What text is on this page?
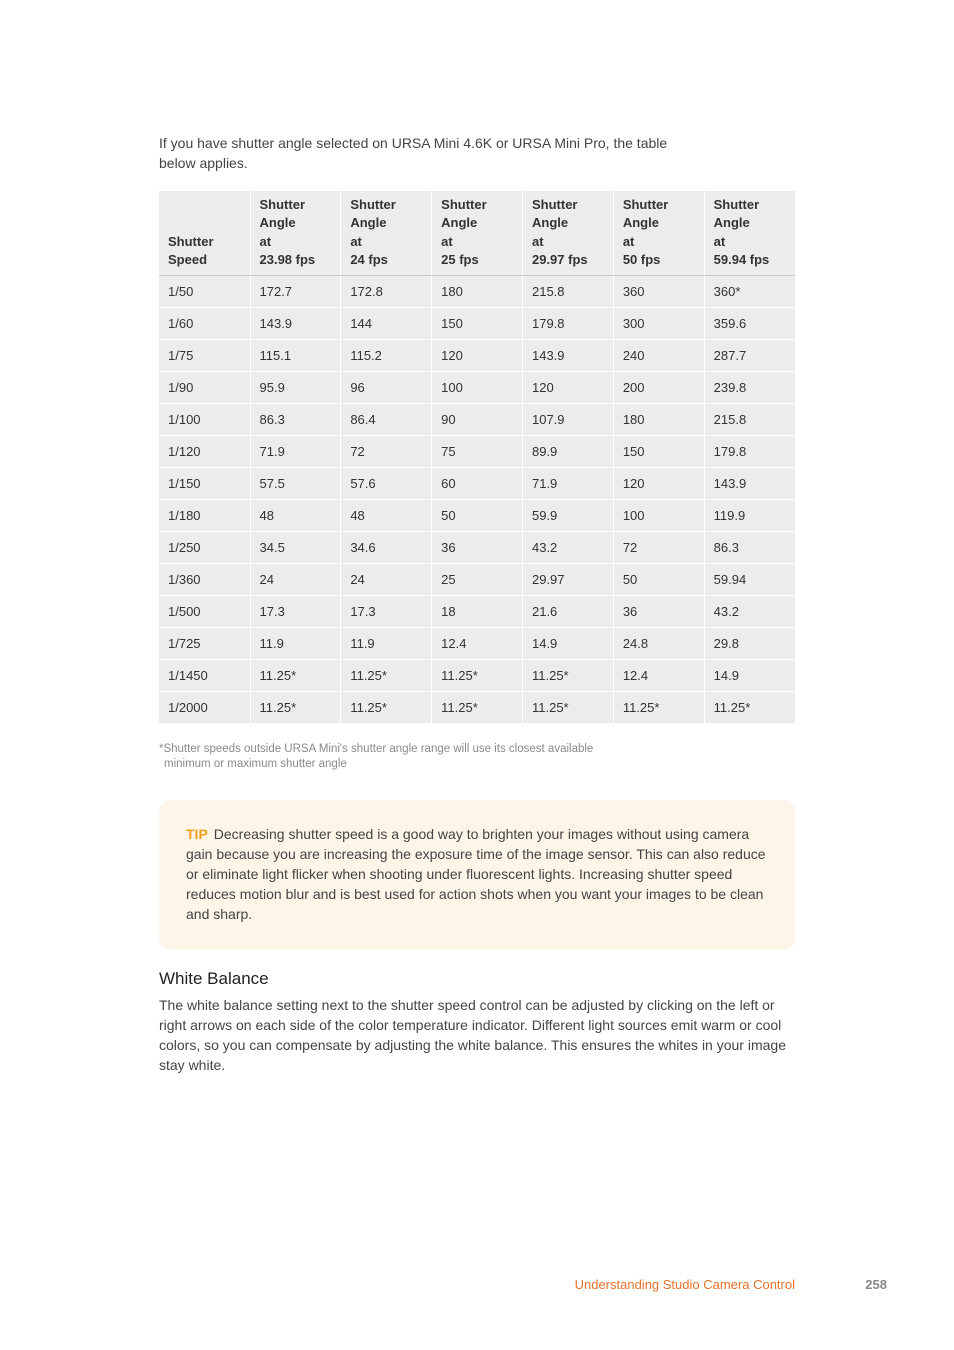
If you have shutter angle selected on URSA Mini 4.6K or URSA Mini Pro, the table
below applies.

Shutter
Speed	Shutter
Angle
at
23.98 fps	Shutter
Angle
at
24 fps	Shutter
Angle
at
25 fps	Shutter
Angle
at
29.97 fps	Shutter
Angle
at
50 fps	Shutter
Angle
at
59.94 fps

1/50	172.7	172.8	180	215.8	360	360*
1/60	143.9	144	150	179.8	300	359.6
1/75	115.1	115.2	120	143.9	240	287.7
1/90	95.9	96	100	120	200	239.8
1/100	86.3	86.4	90	107.9	180	215.8
1/120	71.9	72	75	89.9	150	179.8
1/150	57.5	57.6	60	71.9	120	143.9
1/180	48	48	50	59.9	100	119.9
1/250	34.5	34.6	36	43.2	72	86.3
1/360	24	24	25	29.97	50	59.94
1/500	17.3	17.3	18	21.6	36	43.2
1/725	11.9	11.9	12.4	14.9	24.8	29.8
1/1450	11.25*	11.25*	11.25*	11.25*	12.4	14.9
1/2000	11.25*	11.25*	11.25*	11.25*	11.25*	11.25*
*Shutter speeds outside URSA Mini's shutter angle range will use its closest available
minimum or maximum shutter angle
TIP Decreasing shutter speed is a good way to brighten your images without using camera gain because you are increasing the exposure time of the image sensor. This can also reduce or eliminate light flicker when shooting under fluorescent lights. Increasing shutter speed reduces motion blur and is best used for action shots when you want your images to be clean and sharp.
White Balance

The white balance setting next to the shutter speed control can be adjusted by clicking on the left or right arrows on each side of the color temperature indicator. Different light sources emit warm or cool colors, so you can compensate by adjusting the white balance. This ensures the whites in your image stay white.

Understanding Studio Camera Control	258
